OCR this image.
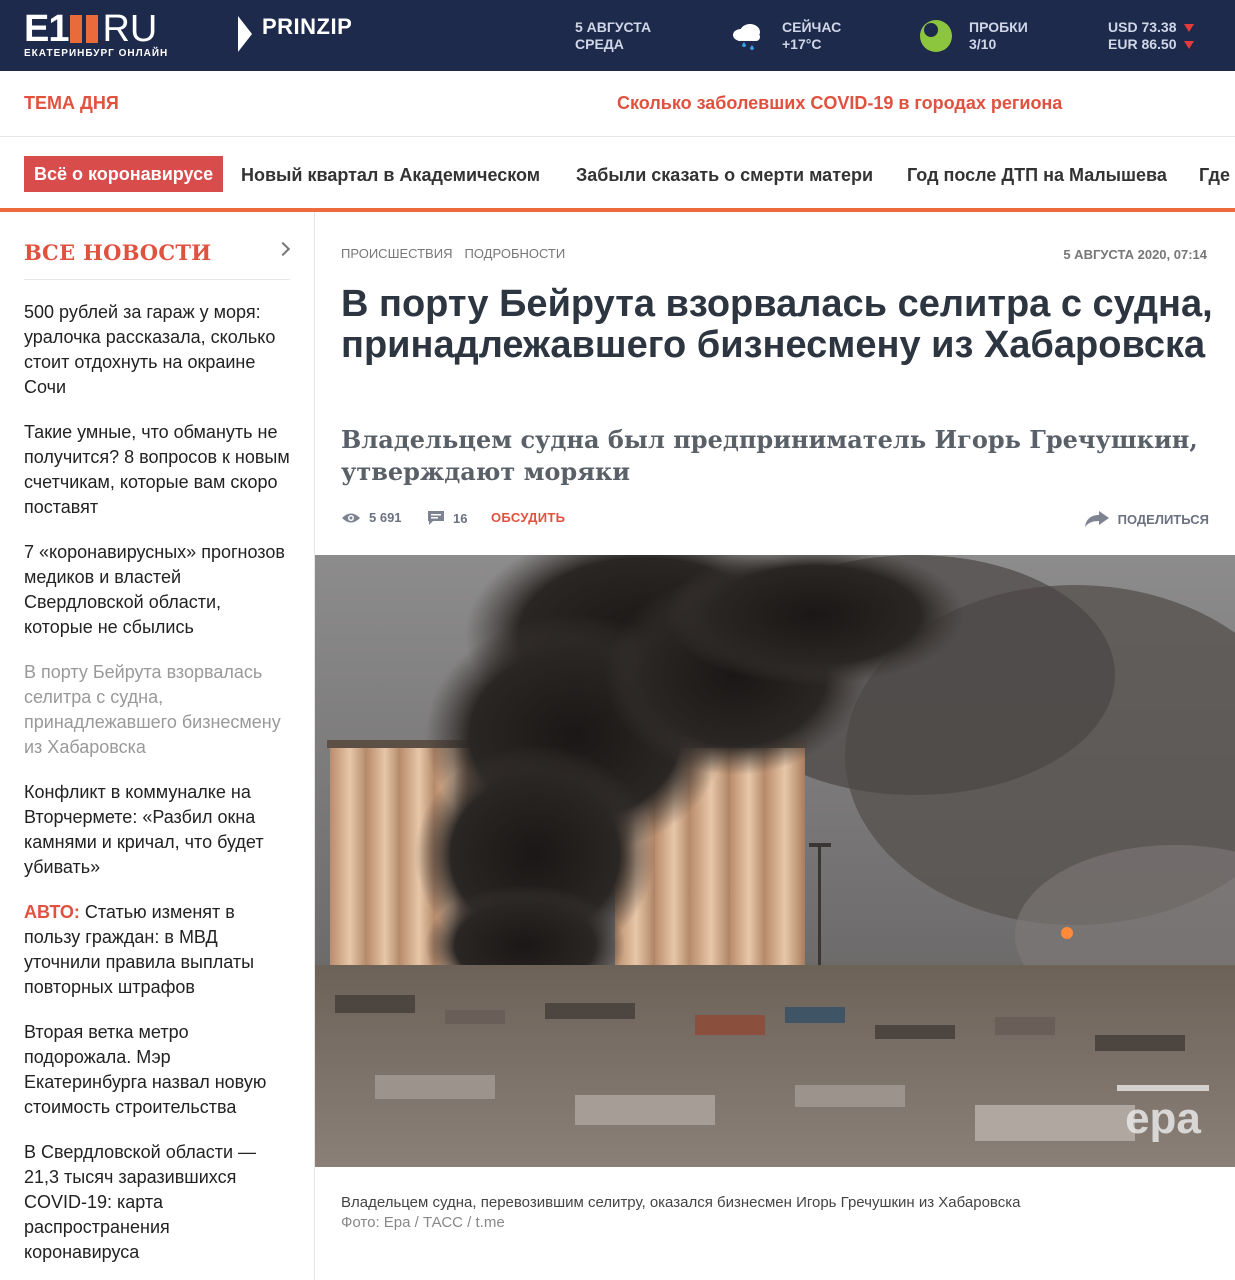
E1 RU
ЕКАТЕРИНБУРГ ОНЛАЙН
PRINZIP	5 АВГУСТА
СРЕДА
СЕЙЧАС
+17°C
ПРОБКИ
3/10
USD 73.38
EUR 86.50
ТЕМА ДНЯ	Сколько заболевших COVID-19 в городах региона
Всё о коронавирусе	Новый квартал в Академическом Забыли сказать о смерти матери Год после ДТП на Малышева Где
ВСЕ НОВОСТИ
500 рублей за гараж у моря: уралочка рассказала, сколько стоит отдохнуть на окраине Сочи
Такие умные, что обмануть не получится? 8 вопросов к новым счетчикам, которые вам скоро поставят
7 «коронавирусных» прогнозов медиков и властей Свердловской области, которые не сбылись
В порту Бейрута взорвалась селитра с судна, принадлежавшего бизнесмену из Хабаровска
Конфликт в коммуналке на Вторчермете: «Разбил окна камнями и кричал, что будет убивать»
АВТО: Статью изменят в пользу граждан: в МВД уточнили правила выплаты повторных штрафов
Вторая ветка метро подорожала. Мэр Екатеринбурга назвал новую стоимость строительства
В Свердловской области — 21,3 тысяч заразившихся COVID-19: карта распространения коронавируса
ПРОИСШЕСТВИЯ ПОДРОБНОСТИ	5 АВГУСТА 2020, 07:14
В порту Бейрута взорвалась селитра с судна, принадлежавшего бизнесмену из Хабаровска
Владельцем судна был предприниматель Игорь Гречушкин, утверждают моряки
5 691	16 ОБСУДИТЬ	ПОДЕЛИТЬСЯ
epa
Владельцем судна, перевозившим селитру, оказался бизнесмен Игорь Гречушкин из Хабаровска
Фото: Epa / ТАСС / t.me
